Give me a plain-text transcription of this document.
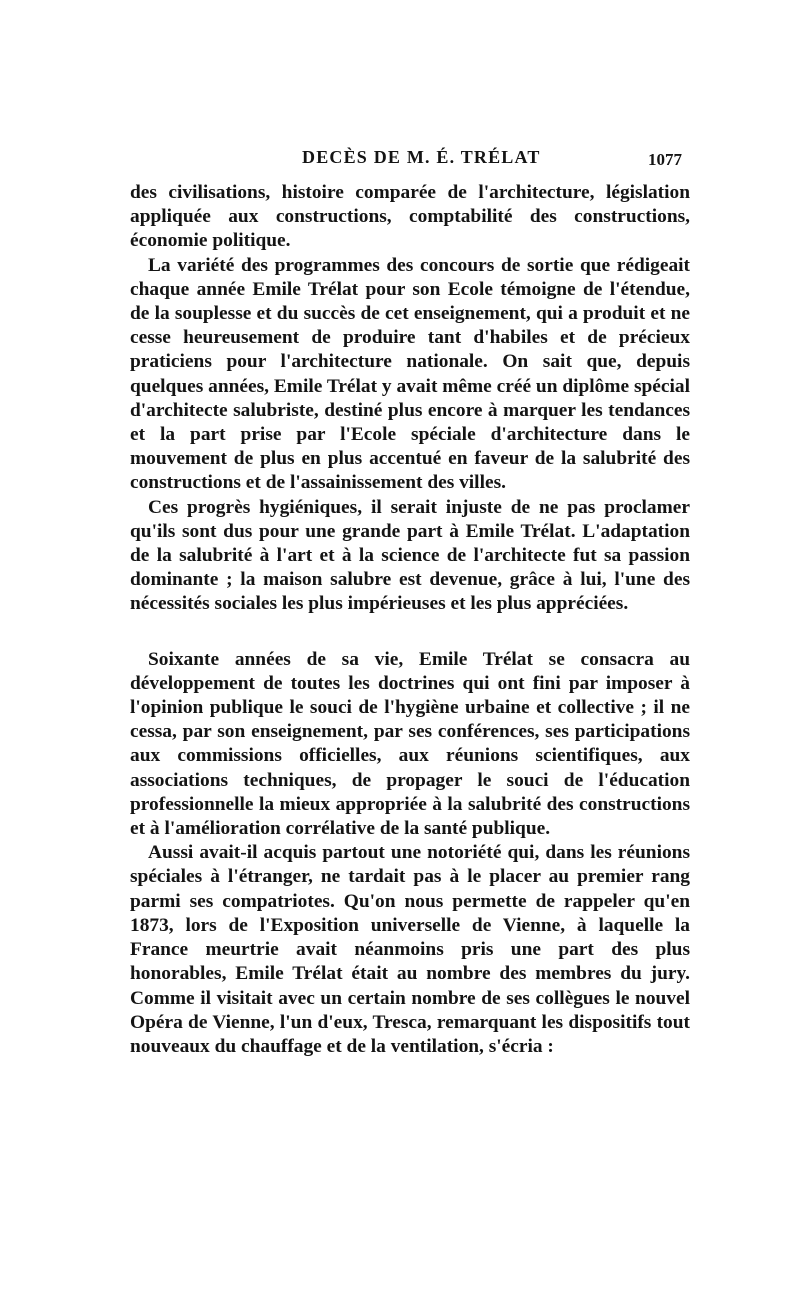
DECÈS DE M. É. TRÉLAT	1077

des civilisations, histoire comparée de l'architecture, législation appliquée aux constructions, comptabilité des constructions, économie politique.

La variété des programmes des concours de sortie que rédigeait chaque année Emile Trélat pour son Ecole témoigne de l'étendue, de la souplesse et du succès de cet enseignement, qui a produit et ne cesse heureusement de produire tant d'habiles et de précieux praticiens pour l'architecture nationale. On sait que, depuis quelques années, Emile Trélat y avait même créé un diplôme spécial d'architecte salubriste, destiné plus encore à marquer les tendances et la part prise par l'Ecole spéciale d'architecture dans le mouvement de plus en plus accentué en faveur de la salubrité des constructions et de l'assainissement des villes.

Ces progrès hygiéniques, il serait injuste de ne pas proclamer qu'ils sont dus pour une grande part à Emile Trélat. L'adaptation de la salubrité à l'art et à la science de l'architecte fut sa passion dominante ; la maison salubre est devenue, grâce à lui, l'une des nécessités sociales les plus impérieuses et les plus appréciées.

Soixante années de sa vie, Emile Trélat se consacra au développement de toutes les doctrines qui ont fini par imposer à l'opinion publique le souci de l'hygiène urbaine et collective ; il ne cessa, par son enseignement, par ses conférences, ses participations aux commissions officielles, aux réunions scientifiques, aux associations techniques, de propager le souci de l'éducation professionnelle la mieux appropriée à la salubrité des constructions et à l'amélioration corrélative de la santé publique.

Aussi avait-il acquis partout une notoriété qui, dans les réunions spéciales à l'étranger, ne tardait pas à le placer au premier rang parmi ses compatriotes. Qu'on nous permette de rappeler qu'en 1873, lors de l'Exposition universelle de Vienne, à laquelle la France meurtrie avait néanmoins pris une part des plus honorables, Emile Trélat était au nombre des membres du jury. Comme il visitait avec un certain nombre de ses collègues le nouvel Opéra de Vienne, l'un d'eux, Tresca, remarquant les dispositifs tout nouveaux du chauffage et de la ventilation, s'écria :
